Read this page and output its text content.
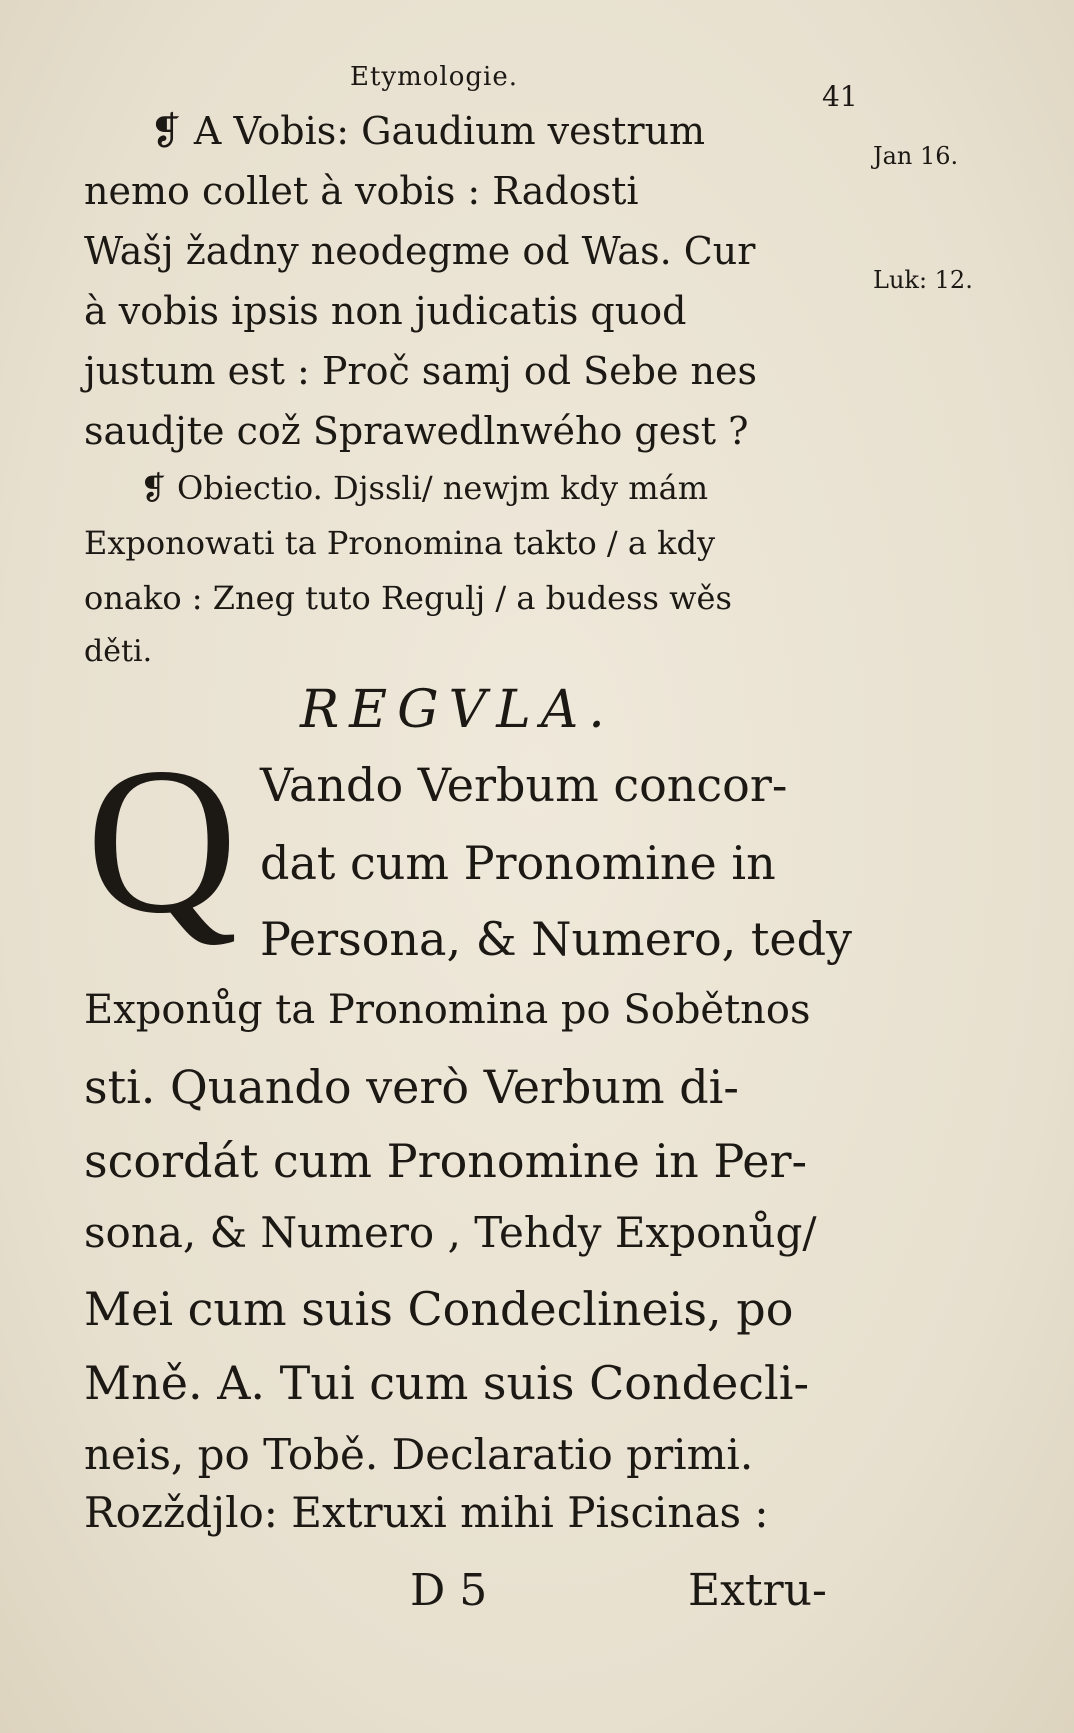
Etymologie.
41
Jan 16.
Luk: 12.
❡ A Vobis: Gaudium vestrum
nemo collet à vobis : Radosti
Wašj žadny neodegme od Was. Cur
à vobis ipsis non judicatis quod
justum est : Proč samj od Sebe nes
saudjte což Sprawedlnwého gest ?
❡ Obiectio. Djssli/ newjm kdy mám
Exponowati ta Pronomina takto / a kdy
onako : Zneg tuto Regulj / a budess wěs
děti.
REGVLA.
Q Vando Verbum concor-
dat cum Pronomine in
Persona, & Numero, tedy
Exponůg ta Pronomina po Sobětnos
sti. Quando verò Verbum di-
scordát cum Pronomine in Per-
sona, & Numero , Tehdy Exponůg/
Mei cum suis Condeclineis, po
Mně. A. Tui cum suis Condecli-
neis, po Tobě. Declaratio primi.
Rozždjlo: Extruxi mihi Piscinas :
D 5	Extru-
